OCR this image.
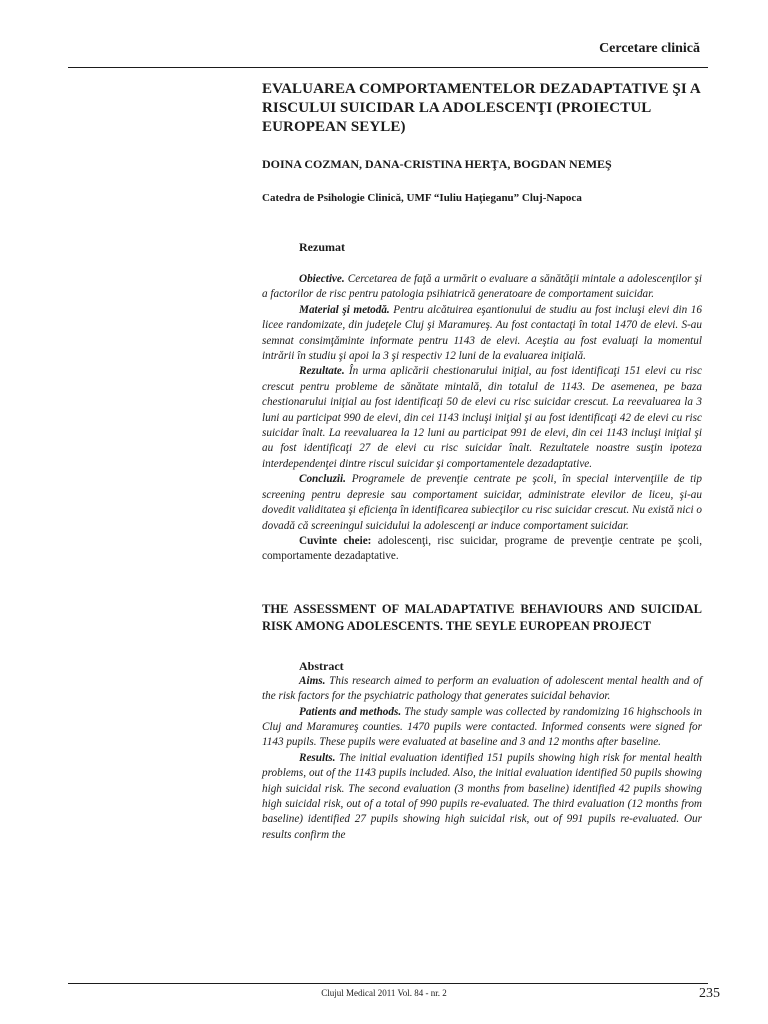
Cercetare clinică
EVALUAREA COMPORTAMENTELOR DEZADAPTATIVE ŞI A RISCULUI SUICIDAR LA ADOLESCENŢI (PROIECTUL EUROPEAN SEYLE)

DOINA COZMAN, DANA-CRISTINA HERŢA, BOGDAN NEMEŞ

Catedra de Psihologie Clinică, UMF “Iuliu Haţieganu” Cluj-Napoca

Rezumat

Obiective. Cercetarea de faţă a urmărit o evaluare a sănătăţii mintale a adolescenţilor şi a factorilor de risc pentru patologia psihiatrică generatoare de comportament suicidar.

Material şi metodă. Pentru alcătuirea eşantionului de studiu au fost incluşi elevi din 16 licee randomizate, din judeţele Cluj şi Maramureş. Au fost contactaţi în total 1470 de elevi. S-au semnat consimţăminte informate pentru 1143 de elevi. Aceştia au fost evaluaţi la momentul intrării în studiu şi apoi la 3 şi respectiv 12 luni de la evaluarea iniţială.

Rezultate. În urma aplicării chestionarului iniţial, au fost identificaţi 151 elevi cu risc crescut pentru probleme de sănătate mintală, din totalul de 1143. De asemenea, pe baza chestionarului iniţial au fost identificaţi 50 de elevi cu risc suicidar crescut. La reevaluarea la 3 luni au participat 990 de elevi, din cei 1143 incluşi iniţial şi au fost identificaţi 42 de elevi cu risc suicidar înalt. La reevaluarea la 12 luni au participat 991 de elevi, din cei 1143 incluşi iniţial şi au fost identificaţi 27 de elevi cu risc suicidar înalt. Rezultatele noastre susţin ipoteza interdependenţei dintre riscul suicidar şi comportamentele dezadaptative.

Concluzii. Programele de prevenţie centrate pe şcoli, în special intervenţiile de tip screening pentru depresie sau comportament suicidar, administrate elevilor de liceu, şi-au dovedit validitatea şi eficienţa în identificarea subiecţilor cu risc suicidar crescut. Nu există nici o dovadă că screeningul suicidului la adolescenţi ar induce comportament suicidar.

Cuvinte cheie: adolescenţi, risc suicidar, programe de prevenţie centrate pe şcoli, comportamente dezadaptative.

THE ASSESSMENT OF MALADAPTATIVE BEHAVIOURS AND SUICIDAL RISK AMONG ADOLESCENTS. THE SEYLE EUROPEAN PROJECT

Abstract

Aims. This research aimed to perform an evaluation of adolescent mental health and of the risk factors for the psychiatric pathology that generates suicidal behavior.

Patients and methods. The study sample was collected by randomizing 16 highschools in Cluj and Maramureş counties. 1470 pupils were contacted. Informed consents were signed for 1143 pupils. These pupils were evaluated at baseline and 3 and 12 months after baseline.

Results. The initial evaluation identified 151 pupils showing high risk for mental health problems, out of the 1143 pupils included. Also, the initial evaluation identified 50 pupils showing high suicidal risk. The second evaluation (3 months from baseline) identified 42 pupils showing high suicidal risk, out of a total of 990 pupils re-evaluated. The third evaluation (12 months from baseline) identified 27 pupils showing high suicidal risk, out of 991 pupils re-evaluated. Our results confirm the

Clujul Medical 2011 Vol. 84 - nr. 2	235
